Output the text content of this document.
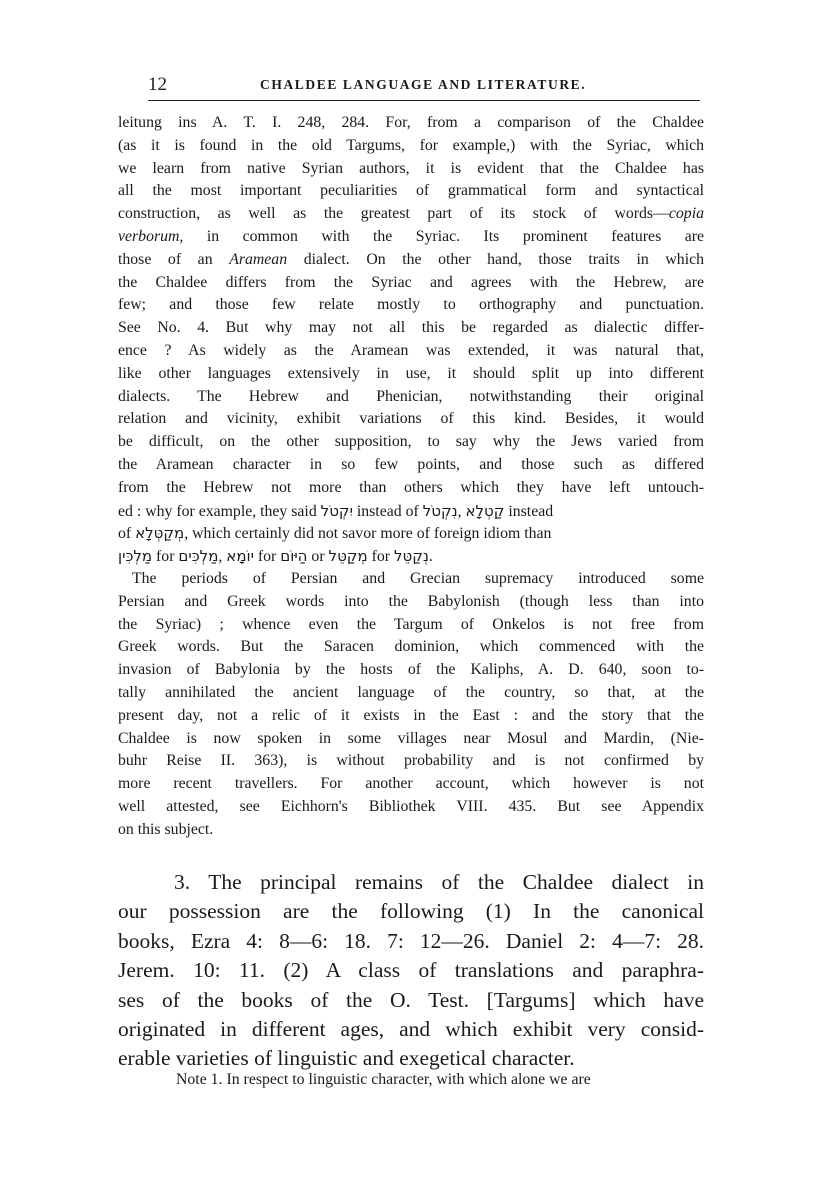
12	CHALDEE LANGUAGE AND LITERATURE.
leitung ins A. T. I. 248, 284. For, from a comparison of the Chaldee
(as it is found in the old Targums, for example,) with the Syriac, which
we learn from native Syrian authors, it is evident that the Chaldee has
all the most important peculiarities of grammatical form and syntactical
construction, as well as the greatest part of its stock of words—copia
verborum, in common with the Syriac. Its prominent features are
those of an Aramean dialect. On the other hand, those traits in which
the Chaldee differs from the Syriac and agrees with the Hebrew, are
few; and those few relate mostly to orthography and punctuation.
See No. 4. But why may not all this be regarded as dialectic differ-
ence ? As widely as the Aramean was extended, it was natural that,
like other languages extensively in use, it should split up into different
dialects. The Hebrew and Phenician, notwithstanding their original
relation and vicinity, exhibit variations of this kind. Besides, it would
be difficult, on the other supposition, to say why the Jews varied from
the Aramean character in so few points, and those such as differed
from the Hebrew not more than others which they have left untouch-
ed : why for example, they said יִקְטֹל instead of נִקְטֹל, קַטְלָא instead
of מְקַטְּלָא, which certainly did not savor more of foreign idiom than
מַלְכִּין for מַלְכִּים, יוֹמָא for הַיּוֹם or מְקַטֵּל for נְקַטֵּל.
The periods of Persian and Grecian supremacy introduced some
Persian and Greek words into the Babylonish (though less than into
the Syriac) ; whence even the Targum of Onkelos is not free from
Greek words. But the Saracen dominion, which commenced with the
invasion of Babylonia by the hosts of the Kaliphs, A. D. 640, soon to-
tally annihilated the ancient language of the country, so that, at the
present day, not a relic of it exists in the East : and the story that the
Chaldee is now spoken in some villages near Mosul and Mardin, (Nie-
buhr Reise II. 363), is without probability and is not confirmed by
more recent travellers. For another account, which however is not
well attested, see Eichhorn's Bibliothek VIII. 435. But see Appendix
on this subject.
3. The principal remains of the Chaldee dialect in
our possession are the following (1) In the canonical
books, Ezra 4: 8—6: 18. 7: 12—26. Daniel 2: 4—7: 28.
Jerem. 10: 11. (2) A class of translations and paraphra-
ses of the books of the O. Test. [Targums] which have
originated in different ages, and which exhibit very consid-
erable varieties of linguistic and exegetical character.
Note 1. In respect to linguistic character, with which alone we are
